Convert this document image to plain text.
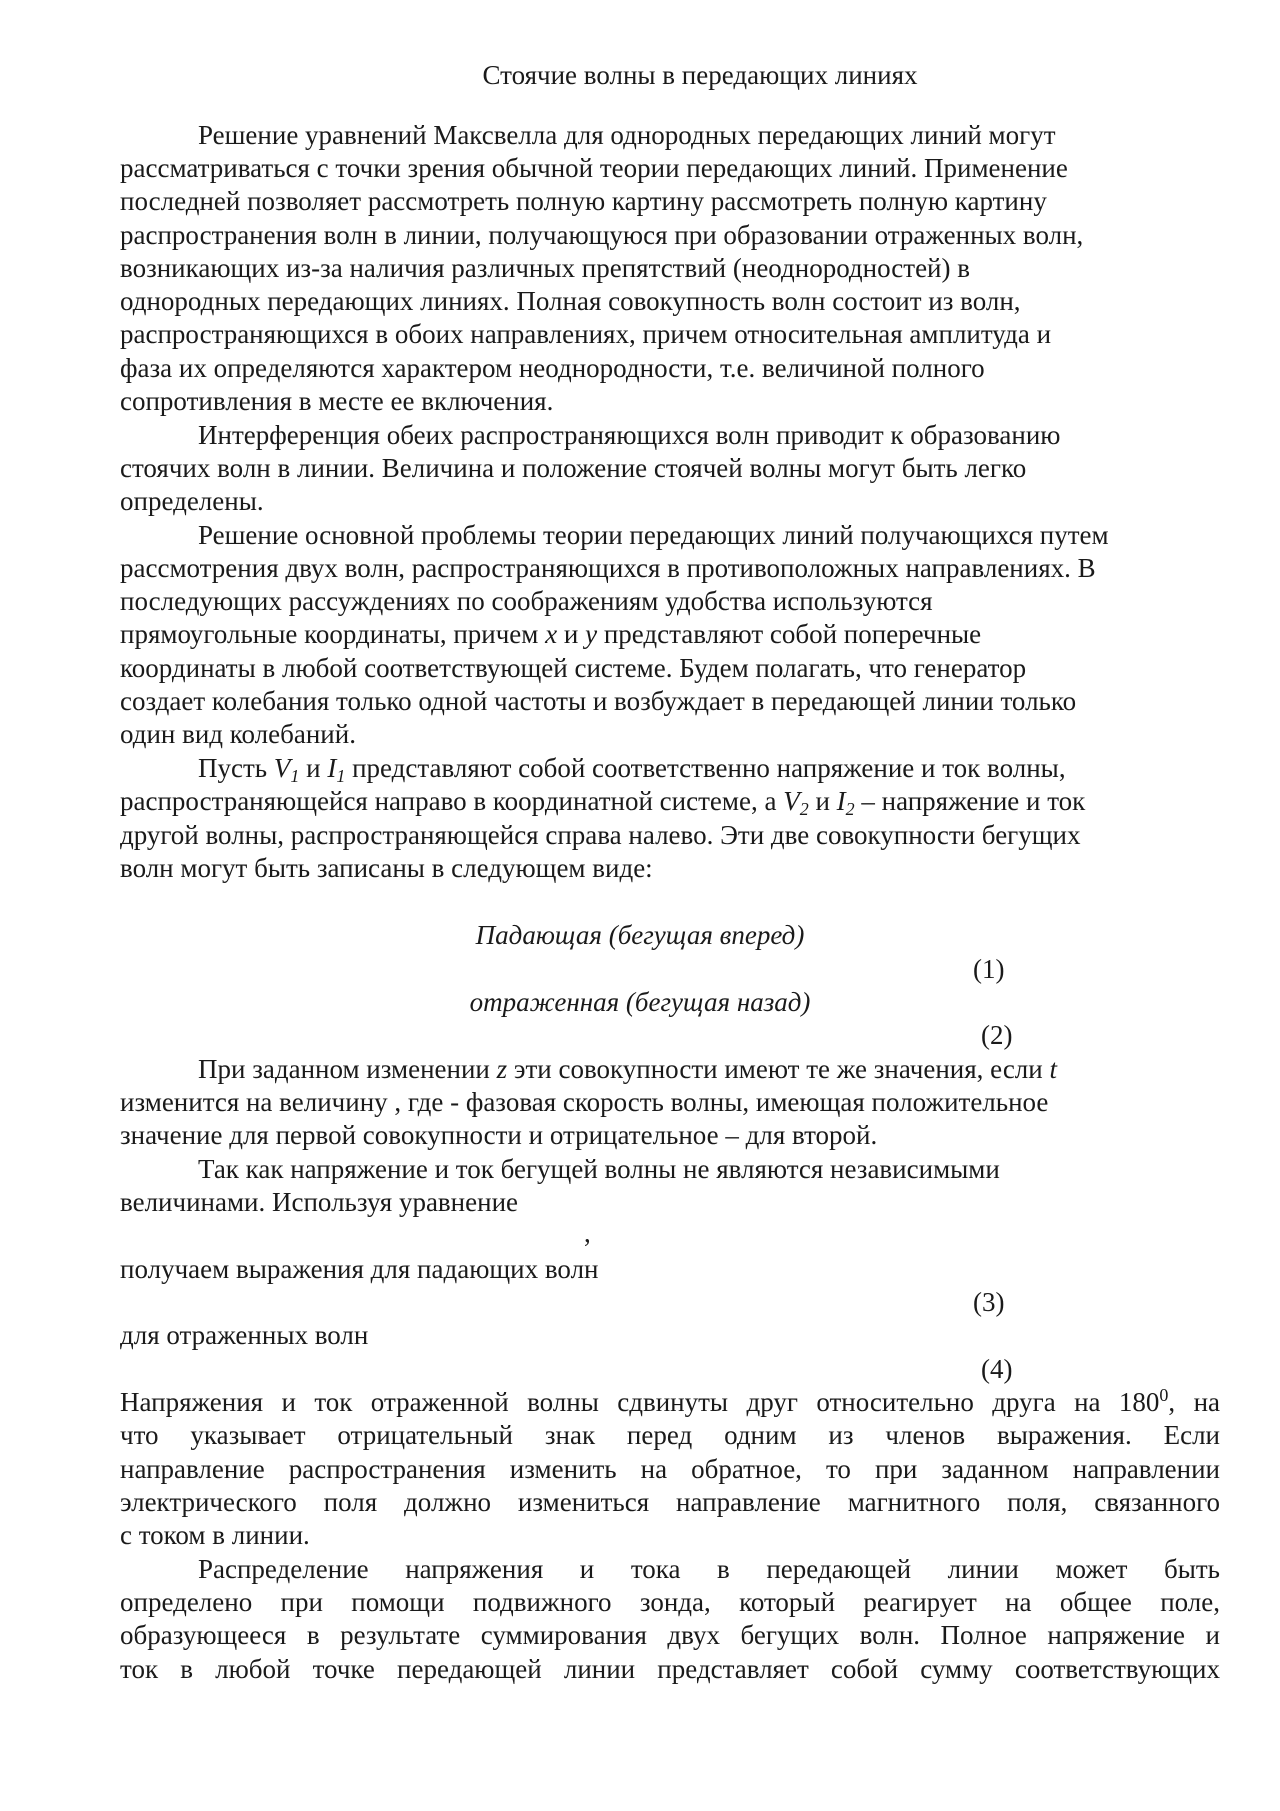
Стоячие волны в передающих линиях
Решение уравнений Максвелла для однородных передающих линий могут
рассматриваться с точки зрения обычной теории передающих линий. Применение
последней позволяет рассмотреть полную картину рассмотреть полную картину
распространения волн в линии, получающуюся при образовании отраженных волн,
возникающих из-за наличия различных препятствий (неоднородностей) в
однородных передающих линиях. Полная совокупность волн состоит из волн,
распространяющихся в обоих направлениях, причем относительная амплитуда и
фаза их определяются характером неоднородности, т.е. величиной полного
сопротивления в месте ее включения.
Интерференция обеих распространяющихся волн приводит к образованию
стоячих волн в линии. Величина и положение стоячей волны могут быть легко
определены.
Решение основной проблемы теории передающих линий получающихся путем
рассмотрения двух волн, распространяющихся в противоположных направлениях. В
последующих рассуждениях по соображениям удобства используются
прямоугольные координаты, причем x и y представляют собой поперечные
координаты в любой соответствующей системе. Будем полагать, что генератор
создает колебания только одной частоты и возбуждает в передающей линии только
один вид колебаний.
Пусть $V_1$ и $I_1$ представляют собой соответственно напряжение и ток волны,
распространяющейся направо в координатной системе, а $V_2$ и $I_2$ – напряжение и ток
другой волны, распространяющейся справа налево. Эти две совокупности бегущих
волн могут быть записаны в следующем виде:
Падающая (бегущая вперед)
(1)
отраженная (бегущая назад)
(2)
При заданном изменении z эти совокупности имеют те же значения, если t
изменится на величину , где - фазовая скорость волны, имеющая положительное
значение для первой совокупности и отрицательное – для второй.
Так как напряжение и ток бегущей волны не являются независимыми
величинами. Используя уравнение
,
получаем выражения для падающих волн
(3)
для отраженных волн
(4)
Напряжения и ток отраженной волны сдвинуты друг относительно друга на $180^0$, на
что указывает отрицательный знак перед одним из членов выражения. Если
направление распространения изменить на обратное, то при заданном направлении
электрического поля должно измениться направление магнитного поля, связанного
с током в линии.
Распределение напряжения и тока в передающей линии может быть
определено при помощи подвижного зонда, который реагирует на общее поле,
образующееся в результате суммирования двух бегущих волн. Полное напряжение и
ток в любой точке передающей линии представляет собой сумму соответствующих
